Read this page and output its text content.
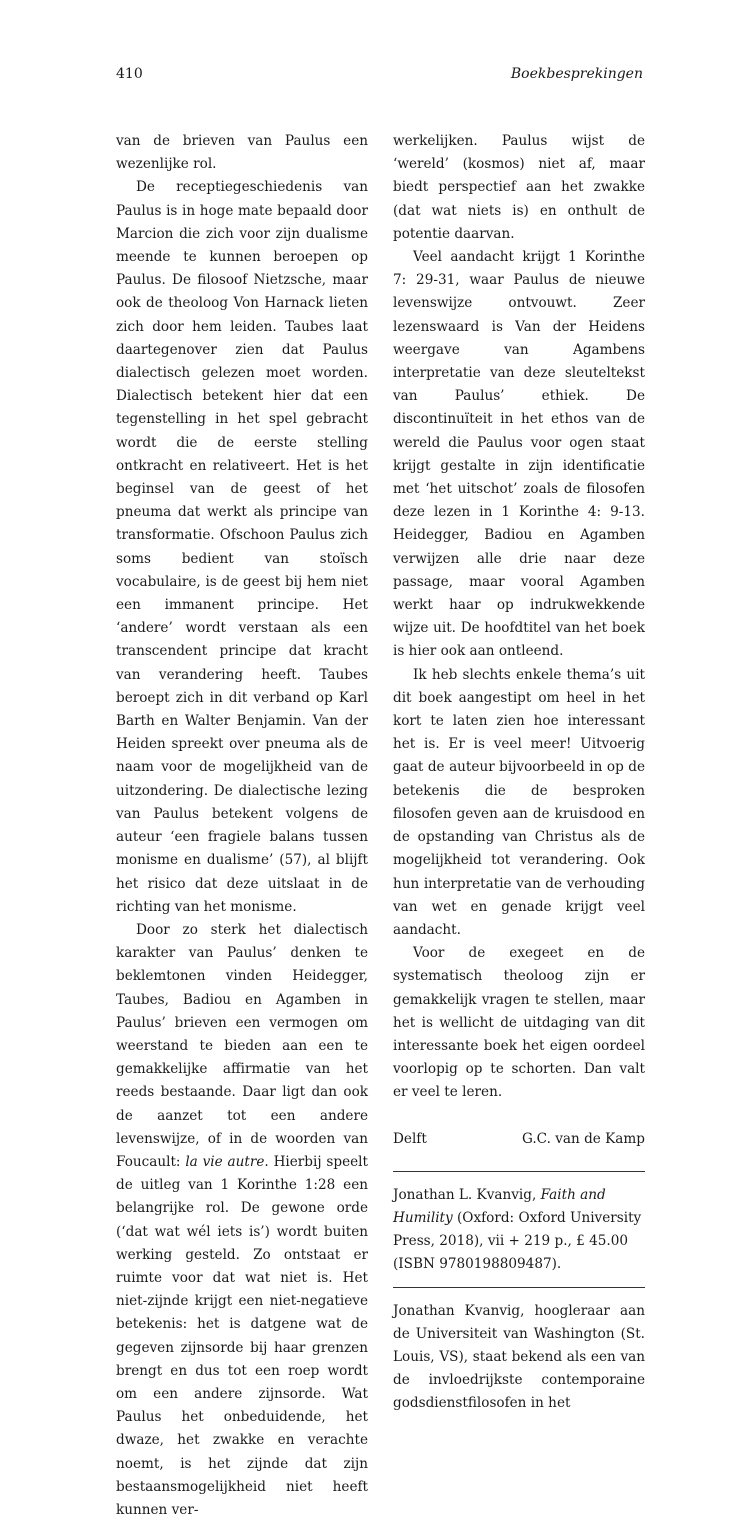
410	Boekbesprekingen

van de brieven van Paulus een wezenlijke rol.

De receptiegeschiedenis van Paulus is in hoge mate bepaald door Marcion die zich voor zijn dualisme meende te kunnen beroepen op Paulus. De filosoof Nietzsche, maar ook de theoloog Von Harnack lieten zich door hem leiden. Taubes laat daartegenover zien dat Paulus dialectisch gelezen moet worden. Dialectisch betekent hier dat een tegenstelling in het spel gebracht wordt die de eerste stelling ontkracht en relativeert. Het is het beginsel van de geest of het pneuma dat werkt als principe van transformatie. Ofschoon Paulus zich soms bedient van stoïsch vocabulaire, is de geest bij hem niet een immanent principe. Het ‘andere’ wordt verstaan als een transcendent principe dat kracht van verandering heeft. Taubes beroept zich in dit verband op Karl Barth en Walter Benjamin. Van der Heiden spreekt over pneuma als de naam voor de mogelijkheid van de uitzondering. De dialectische lezing van Paulus betekent volgens de auteur ‘een fragiele balans tussen monisme en dualisme’ (57), al blijft het risico dat deze uitslaat in de richting van het monisme.

Door zo sterk het dialectisch karakter van Paulus’ denken te beklemtonen vinden Heidegger, Taubes, Badiou en Agamben in Paulus’ brieven een vermogen om weerstand te bieden aan een te gemakkelijke affirmatie van het reeds bestaande. Daar ligt dan ook de aanzet tot een andere levenswijze, of in de woorden van Foucault: la vie autre. Hierbij speelt de uitleg van 1 Korinthe 1:28 een belangrijke rol. De gewone orde (‘dat wat wél iets is’) wordt buiten werking gesteld. Zo ontstaat er ruimte voor dat wat niet is. Het niet-zijnde krijgt een niet-negatieve betekenis: het is datgene wat de gegeven zijnsorde bij haar grenzen brengt en dus tot een roep wordt om een andere zijnsorde. Wat Paulus het onbeduidende, het dwaze, het zwakke en verachte noemt, is het zijnde dat zijn bestaansmogelijkheid niet heeft kunnen ver-

werkelijken. Paulus wijst de ‘wereld’ (kosmos) niet af, maar biedt perspectief aan het zwakke (dat wat niets is) en onthult de potentie daarvan.

Veel aandacht krijgt 1 Korinthe 7: 29-31, waar Paulus de nieuwe levenswijze ontvouwt. Zeer lezenswaard is Van der Heidens weergave van Agambens interpretatie van deze sleuteltekst van Paulus’ ethiek. De discontinuïteit in het ethos van de wereld die Paulus voor ogen staat krijgt gestalte in zijn identificatie met ‘het uitschot’ zoals de filosofen deze lezen in 1 Korinthe 4: 9-13. Heidegger, Badiou en Agamben verwijzen alle drie naar deze passage, maar vooral Agamben werkt haar op indrukwekkende wijze uit. De hoofdtitel van het boek is hier ook aan ontleend.

Ik heb slechts enkele thema’s uit dit boek aangestipt om heel in het kort te laten zien hoe interessant het is. Er is veel meer! Uitvoerig gaat de auteur bijvoorbeeld in op de betekenis die de besproken filosofen geven aan de kruisdood en de opstanding van Christus als de mogelijkheid tot verandering. Ook hun interpretatie van de verhouding van wet en genade krijgt veel aandacht.

Voor de exegeet en de systematisch theoloog zijn er gemakkelijk vragen te stellen, maar het is wellicht de uitdaging van dit interessante boek het eigen oordeel voorlopig op te schorten. Dan valt er veel te leren.

Delft	G.C. van de Kamp

Jonathan L. Kvanvig, Faith and Humility (Oxford: Oxford University Press, 2018), vii + 219 p., £ 45.00 (ISBN 9780198809487).

Jonathan Kvanvig, hoogleraar aan de Universiteit van Washington (St. Louis, VS), staat bekend als een van de invloedrijkste contemporaine godsdienstfilosofen in het
